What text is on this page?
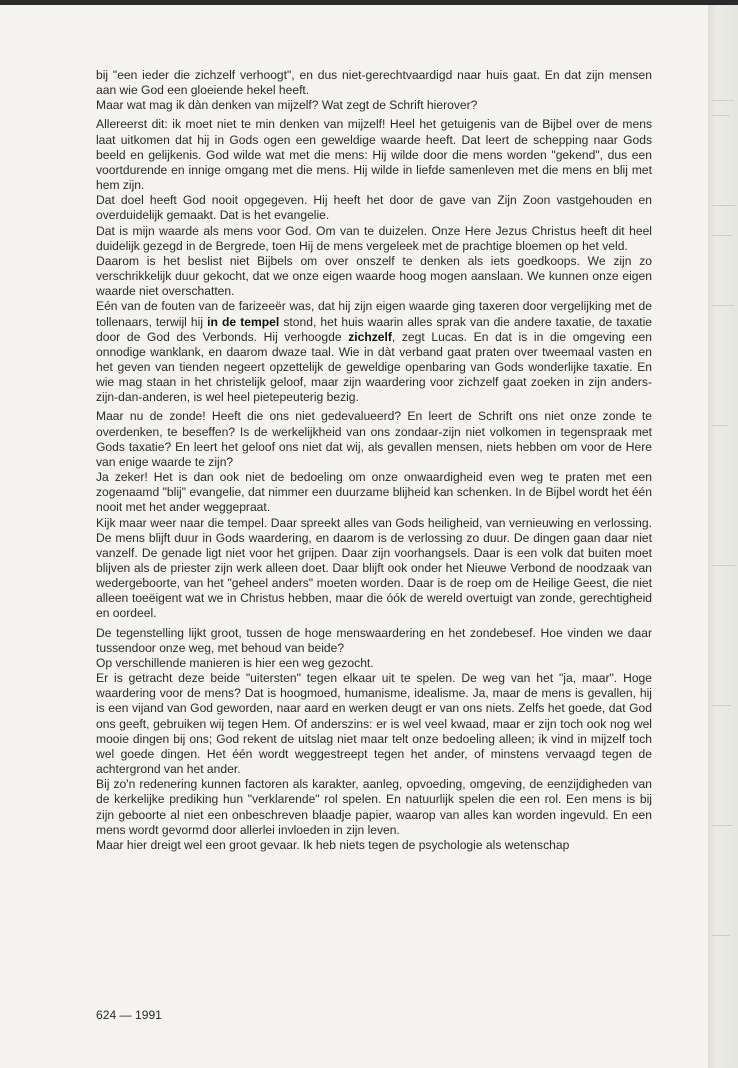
bij "een ieder die zichzelf verhoogt", en dus niet-gerechtvaardigd naar huis gaat. En dat zijn mensen aan wie God een gloeiende hekel heeft.

Maar wat mag ik dàn denken van mijzelf? Wat zegt de Schrift hierover?

Allereerst dit: ik moet niet te min denken van mijzelf! Heel het getuigenis van de Bijbel over de mens laat uitkomen dat hij in Gods ogen een geweldige waarde heeft. Dat leert de schepping naar Gods beeld en gelijkenis. God wilde wat met die mens: Hij wilde door die mens worden "gekend", dus een voortdurende en innige omgang met die mens. Hij wilde in liefde samenleven met die mens en blij met hem zijn.

Dat doel heeft God nooit opgegeven. Hij heeft het door de gave van Zijn Zoon vastgehouden en overduidelijk gemaakt. Dat is het evangelie.

Dat is mijn waarde als mens voor God. Om van te duizelen. Onze Here Jezus Christus heeft dit heel duidelijk gezegd in de Bergrede, toen Hij de mens vergeleek met de prachtige bloemen op het veld.

Daarom is het beslist niet Bijbels om over onszelf te denken als iets goedkoops. We zijn zo verschrikkelijk duur gekocht, dat we onze eigen waarde hoog mogen aanslaan. We kunnen onze eigen waarde niet overschatten.

Eén van de fouten van de farizeeër was, dat hij zijn eigen waarde ging taxeren door vergelijking met de tollenaars, terwijl hij in de tempel stond, het huis waarin alles sprak van die andere taxatie, de taxatie door de God des Verbonds. Hij verhoogde zichzelf, zegt Lucas. En dat is in die omgeving een onnodige wanklank, en daarom dwaze taal. Wie in dàt verband gaat praten over tweemaal vasten en het geven van tienden negeert opzettelijk de geweldige openbaring van Gods wonderlijke taxatie. En wie mag staan in het christelijk geloof, maar zijn waardering voor zichzelf gaat zoeken in zijn anders-zijn-dan-anderen, is wel heel pietepeuterig bezig.

Maar nu de zonde! Heeft die ons niet gedevalueerd? En leert de Schrift ons niet onze zonde te overdenken, te beseffen? Is de werkelijkheid van ons zondaar-zijn niet volkomen in tegenspraak met Gods taxatie? En leert het geloof ons niet dat wij, als gevallen mensen, niets hebben om voor de Here van enige waarde te zijn?

Ja zeker! Het is dan ook niet de bedoeling om onze onwaardigheid even weg te praten met een zogenaamd "blij" evangelie, dat nimmer een duurzame blijheid kan schenken. In de Bijbel wordt het één nooit met het ander weggepraat.

Kijk maar weer naar die tempel. Daar spreekt alles van Gods heiligheid, van vernieuwing en verlossing. De mens blijft duur in Gods waardering, en daarom is de verlossing zo duur. De dingen gaan daar niet vanzelf. De genade ligt niet voor het grijpen. Daar zijn voorhangsels. Daar is een volk dat buiten moet blijven als de priester zijn werk alleen doet. Daar blijft ook onder het Nieuwe Verbond de noodzaak van wedergeboorte, van het "geheel anders" moeten worden. Daar is de roep om de Heilige Geest, die niet alleen toeëigent wat we in Christus hebben, maar die óók de wereld overtuigt van zonde, gerechtigheid en oordeel.

De tegenstelling lijkt groot, tussen de hoge menswaardering en het zondebesef. Hoe vinden we daar tussendoor onze weg, met behoud van beide?

Op verschillende manieren is hier een weg gezocht.

Er is getracht deze beide "uitersten" tegen elkaar uit te spelen. De weg van het "ja, maar". Hoge waardering voor de mens? Dat is hoogmoed, humanisme, idealisme. Ja, maar de mens is gevallen, hij is een vijand van God geworden, naar aard en werken deugt er van ons niets. Zelfs het goede, dat God ons geeft, gebruiken wij tegen Hem. Of anderszins: er is wel veel kwaad, maar er zijn toch ook nog wel mooie dingen bij ons; God rekent de uitslag niet maar telt onze bedoeling alleen; ik vind in mijzelf toch wel goede dingen. Het één wordt weggestreept tegen het ander, of minstens vervaagd tegen de achtergrond van het ander.

Bij zo'n redenering kunnen factoren als karakter, aanleg, opvoeding, omgeving, de eenzijdigheden van de kerkelijke prediking hun "verklarende" rol spelen. En natuurlijk spelen die een rol. Een mens is bij zijn geboorte al niet een onbeschreven blaadje papier, waarop van alles kan worden ingevuld. En een mens wordt gevormd door allerlei invloeden in zijn leven.

Maar hier dreigt wel een groot gevaar. Ik heb niets tegen de psychologie als wetenschap

624 — 1991
